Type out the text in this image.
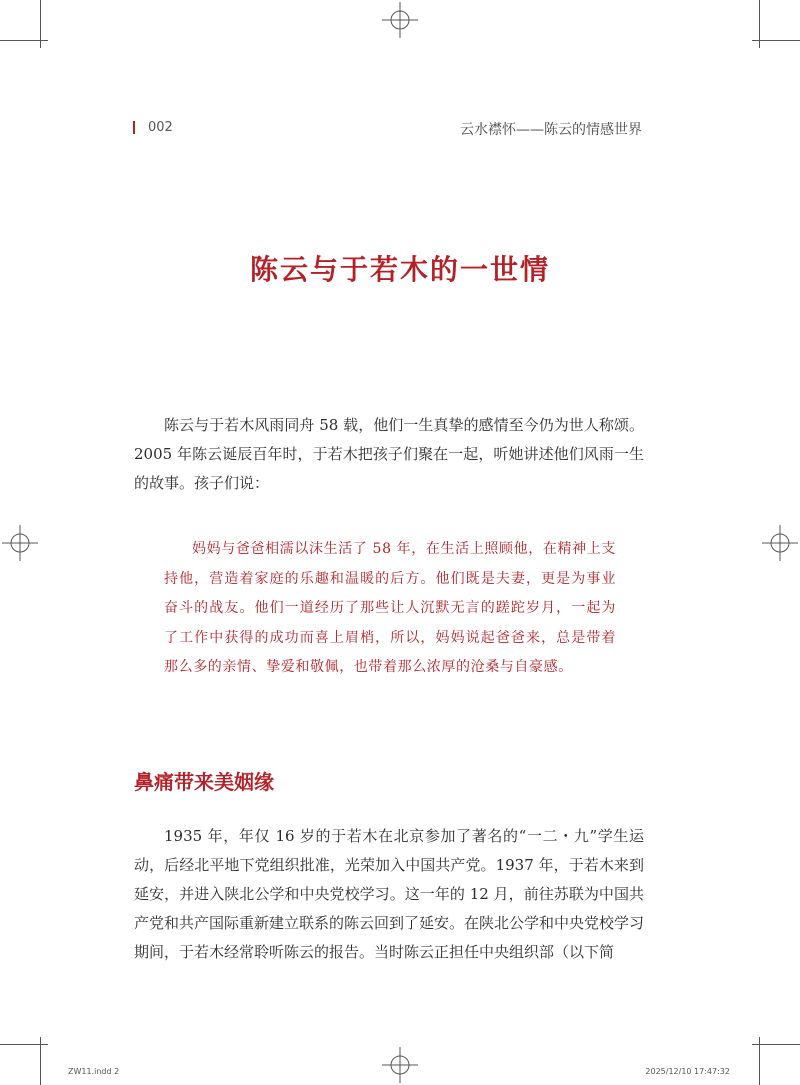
002	云水襟怀——陈云的情感世界
陈云与于若木的一世情

陈云与于若木风雨同舟 58 载，他们一生真挚的感情至今仍为世人称颂。2005 年陈云诞辰百年时，于若木把孩子们聚在一起，听她讲述他们风雨一生的故事。孩子们说：

妈妈与爸爸相濡以沫生活了 58 年，在生活上照顾他，在精神上支持他，营造着家庭的乐趣和温暖的后方。他们既是夫妻，更是为事业奋斗的战友。他们一道经历了那些让人沉默无言的蹉跎岁月，一起为了工作中获得的成功而喜上眉梢，所以，妈妈说起爸爸来，总是带着那么多的亲情、挚爱和敬佩，也带着那么浓厚的沧桑与自豪感。

鼻痛带来美姻缘

1935 年，年仅 16 岁的于若木在北京参加了著名的“一二・九”学生运动，后经北平地下党组织批准，光荣加入中国共产党。1937 年，于若木来到延安，并进入陕北公学和中央党校学习。这一年的 12 月，前往苏联为中国共产党和共产国际重新建立联系的陈云回到了延安。在陕北公学和中央党校学习期间，于若木经常聆听陈云的报告。当时陈云正担任中央组织部（以下简

ZW11.indd 2	2025/12/10 17:47:32
